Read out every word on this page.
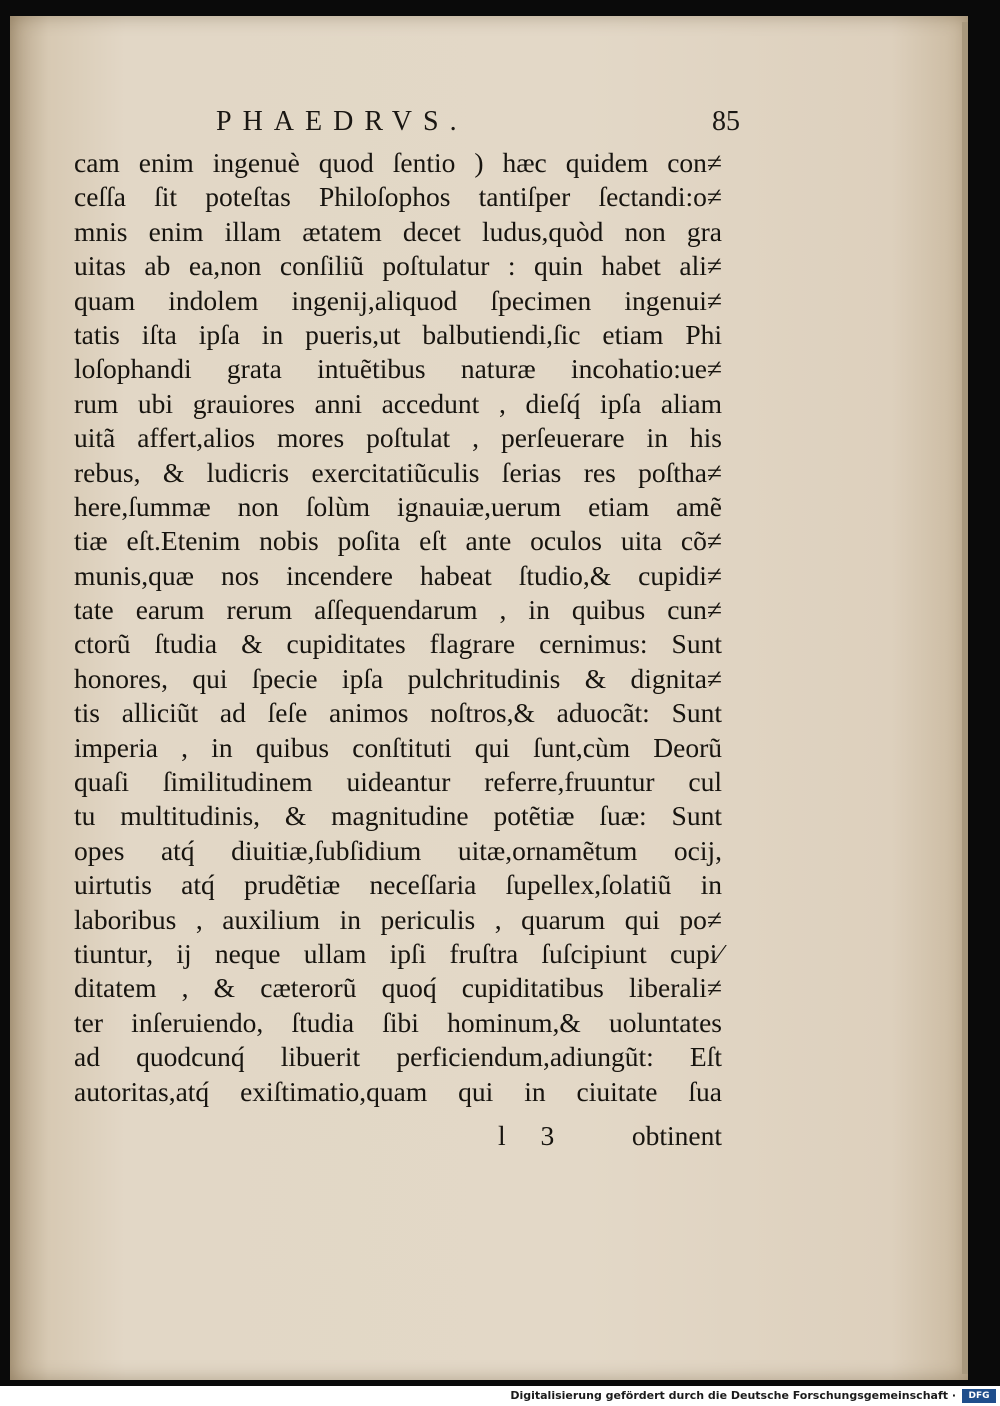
PHAEDRVS.	85
cam enim ingenuè quod ſentio ) hæc quidem con≠
ceſſa ſit poteſtas Philoſophos tantiſper ſectandi:o≠
mnis enim illam ætatem decet ludus,quòd non gra
uitas ab ea,non conſiliũ poſtulatur : quin habet ali≠
quam indolem ingenij,aliquod ſpecimen ingenui≠
tatis iſta ipſa in pueris,ut balbutiendi,ſic etiam Phi
loſophandi grata intuẽtibus naturæ incohatio:ue≠
rum ubi grauiores anni accedunt , dieſq́ ipſa aliam
uitã affert,alios mores poſtulat , perſeuerare in his
rebus, & ludicris exercitatiũculis ſerias res poſtha≠
here,ſummæ non ſolùm ignauiæ,uerum etiam amẽ
tiæ eſt.Etenim nobis poſita eſt ante oculos uita cõ≠
munis,quæ nos incendere habeat ſtudio,& cupidi≠
tate earum rerum aſſequendarum , in quibus cun≠
ctorũ ſtudia & cupiditates flagrare cernimus: Sunt
honores, qui ſpecie ipſa pulchritudinis & dignita≠
tis alliciũt ad ſeſe animos noſtros,& aduocãt: Sunt
imperia , in quibus conſtituti qui ſunt,cùm Deorũ
quaſi ſimilitudinem uideantur referre,fruuntur cul
tu multitudinis, & magnitudine potẽtiæ ſuæ: Sunt
opes atq́ diuitiæ,ſubſidium uitæ,ornamẽtum ocij,
uirtutis atq́ prudẽtiæ neceſſaria ſupellex,ſolatiũ in
laboribus , auxilium in periculis , quarum qui po≠
tiuntur, ij neque ullam ipſi fruſtra ſuſcipiunt cupi⁄
ditatem , & cæterorũ quoq́ cupiditatibus liberali≠
ter inſeruiendo, ſtudia ſibi hominum,& uoluntates
ad quodcunq́ libuerit perficiendum,adiungũt: Eſt
autoritas,atq́ exiſtimatio,quam qui in ciuitate ſua
l 3 obtinent
Digitalisierung gefördert durch die Deutsche Forschungsgemeinschaft ·	DFG
